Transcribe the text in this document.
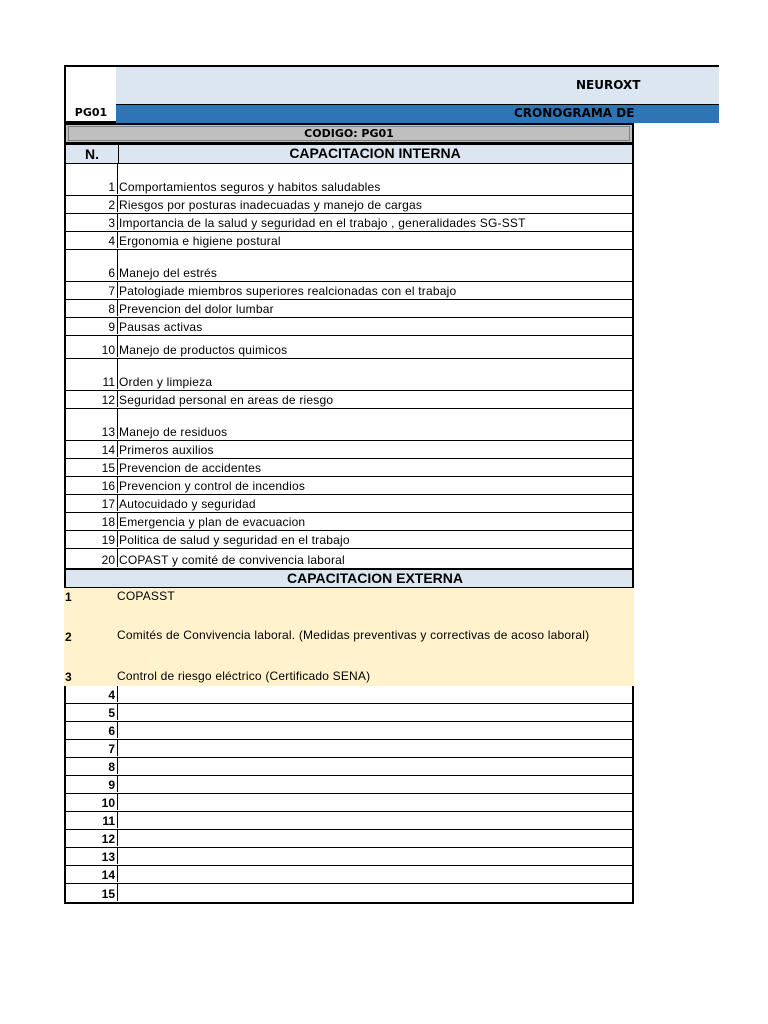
PG01
NEUROXT
CRONOGRAMA DE
CODIGO: PG01
N.	CAPACITACION INTERNA
1 Comportamientos seguros y habitos saludables
2 Riesgos por posturas inadecuadas y manejo de cargas
3 Importancia de la salud y seguridad en el trabajo , generalidades SG-SST
4 Ergonomia e higiene postural
6 Manejo del estrés
7 Patologiade miembros superiores realcionadas con el trabajo
8 Prevencion del dolor lumbar
9 Pausas activas
10 Manejo de productos quimicos
11 Orden y limpieza
12 Seguridad personal en areas de riesgo
13 Manejo de residuos
14 Primeros auxilios
15 Prevencion de accidentes
16 Prevencion y control de incendios
17 Autocuidado y seguridad
18 Emergencia y plan de evacuacion
19 Politica de salud y seguridad en el trabajo
20 COPAST y comité de convivencia laboral
CAPACITACION EXTERNA
1	COPASST
2	Comités de Convivencia laboral. (Medidas preventivas y correctivas de acoso laboral)
3	Control de riesgo eléctrico (Certificado SENA)
4
5
6
7
8
9
10
11
12
13
14
15
